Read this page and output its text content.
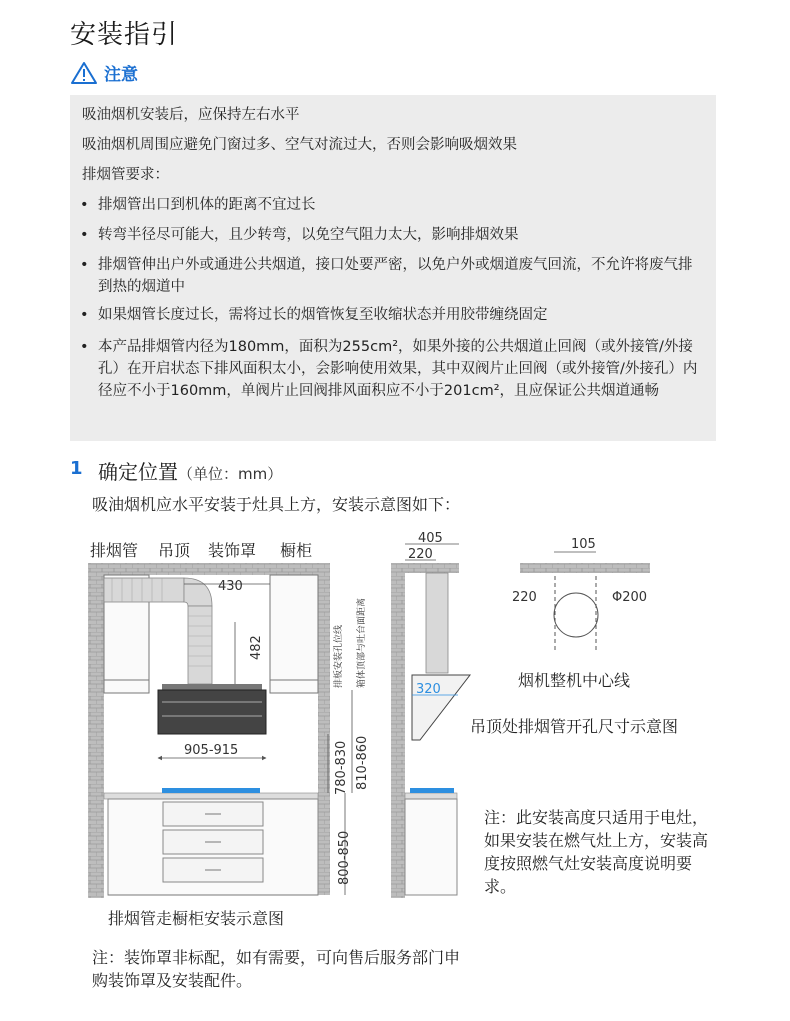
安装指引
注意
吸油烟机安装后，应保持左右水平
吸油烟机周围应避免门窗过多、空气对流过大，否则会影响吸烟效果
排烟管要求：
• 排烟管出口到机体的距离不宜过长
• 转弯半径尽可能大，且少转弯，以免空气阻力太大，影响排烟效果
• 排烟管伸出户外或通进公共烟道，接口处要严密，以免户外或烟道废气回流，不允许将废气排到热的烟道中
• 如果烟管长度过长，需将过长的烟管恢复至收缩状态并用胶带缠绕固定
• 本产品排烟管内径为180mm，面积为255cm²，如果外接的公共烟道止回阀（或外接管/外接孔）在开启状态下排风面积太小，会影响使用效果，其中双阀片止回阀（或外接管/外接孔）内径应不小于160mm，单阀片止回阀排风面积应不小于201cm²，且应保证公共烟道通畅
1 确定位置（单位：mm）
吸油烟机应水平安装于灶具上方，安装示意图如下：
排烟管 吊顶 装饰罩 橱柜
430
482
905-915	780-830 810-860
排板安装孔位线 箱体顶部与吐台面距离
800-850
405
220
320
105
220	Φ200
烟机整机中心线
吊顶处排烟管开孔尺寸示意图
注：此安装高度只适用于电灶，如果安装在燃气灶上方，安装高度按照燃气灶安装高度说明要求。
排烟管走橱柜安装示意图
注：装饰罩非标配，如有需要，可向售后服务部门申购装饰罩及安装配件。
